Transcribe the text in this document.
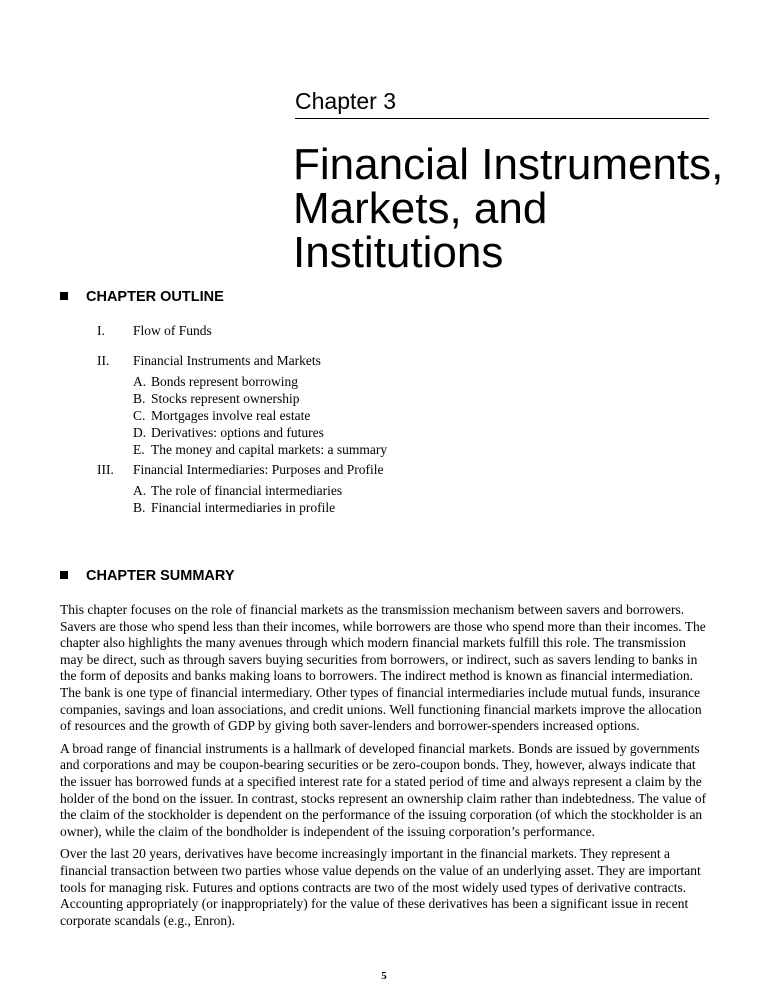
Chapter 3
Financial Instruments,
Markets, and
Institutions
CHAPTER OUTLINE
I. Flow of Funds
II. Financial Instruments and Markets
A. Bonds represent borrowing
B. Stocks represent ownership
C. Mortgages involve real estate
D. Derivatives: options and futures
E. The money and capital markets: a summary
III. Financial Intermediaries: Purposes and Profile
A. The role of financial intermediaries
B. Financial intermediaries in profile
CHAPTER SUMMARY

This chapter focuses on the role of financial markets as the transmission mechanism between savers and borrowers. Savers are those who spend less than their incomes, while borrowers are those who spend more than their incomes. The chapter also highlights the many avenues through which modern financial markets fulfill this role. The transmission may be direct, such as through savers buying securities from borrowers, or indirect, such as savers lending to banks in the form of deposits and banks making loans to borrowers. The indirect method is known as financial intermediation. The bank is one type of financial intermediary. Other types of financial intermediaries include mutual funds, insurance companies, savings and loan associations, and credit unions. Well functioning financial markets improve the allocation of resources and the growth of GDP by giving both saver-lenders and borrower-spenders increased options.

A broad range of financial instruments is a hallmark of developed financial markets. Bonds are issued by governments and corporations and may be coupon-bearing securities or be zero-coupon bonds. They, however, always indicate that the issuer has borrowed funds at a specified interest rate for a stated period of time and always represent a claim by the holder of the bond on the issuer. In contrast, stocks represent an ownership claim rather than indebtedness. The value of the claim of the stockholder is dependent on the performance of the issuing corporation (of which the stockholder is an owner), while the claim of the bondholder is independent of the issuing corporation’s performance.

Over the last 20 years, derivatives have become increasingly important in the financial markets. They represent a financial transaction between two parties whose value depends on the value of an underlying asset. They are important tools for managing risk. Futures and options contracts are two of the most widely used types of derivative contracts. Accounting appropriately (or inappropriately) for the value of these derivatives has been a significant issue in recent corporate scandals (e.g., Enron).

5
